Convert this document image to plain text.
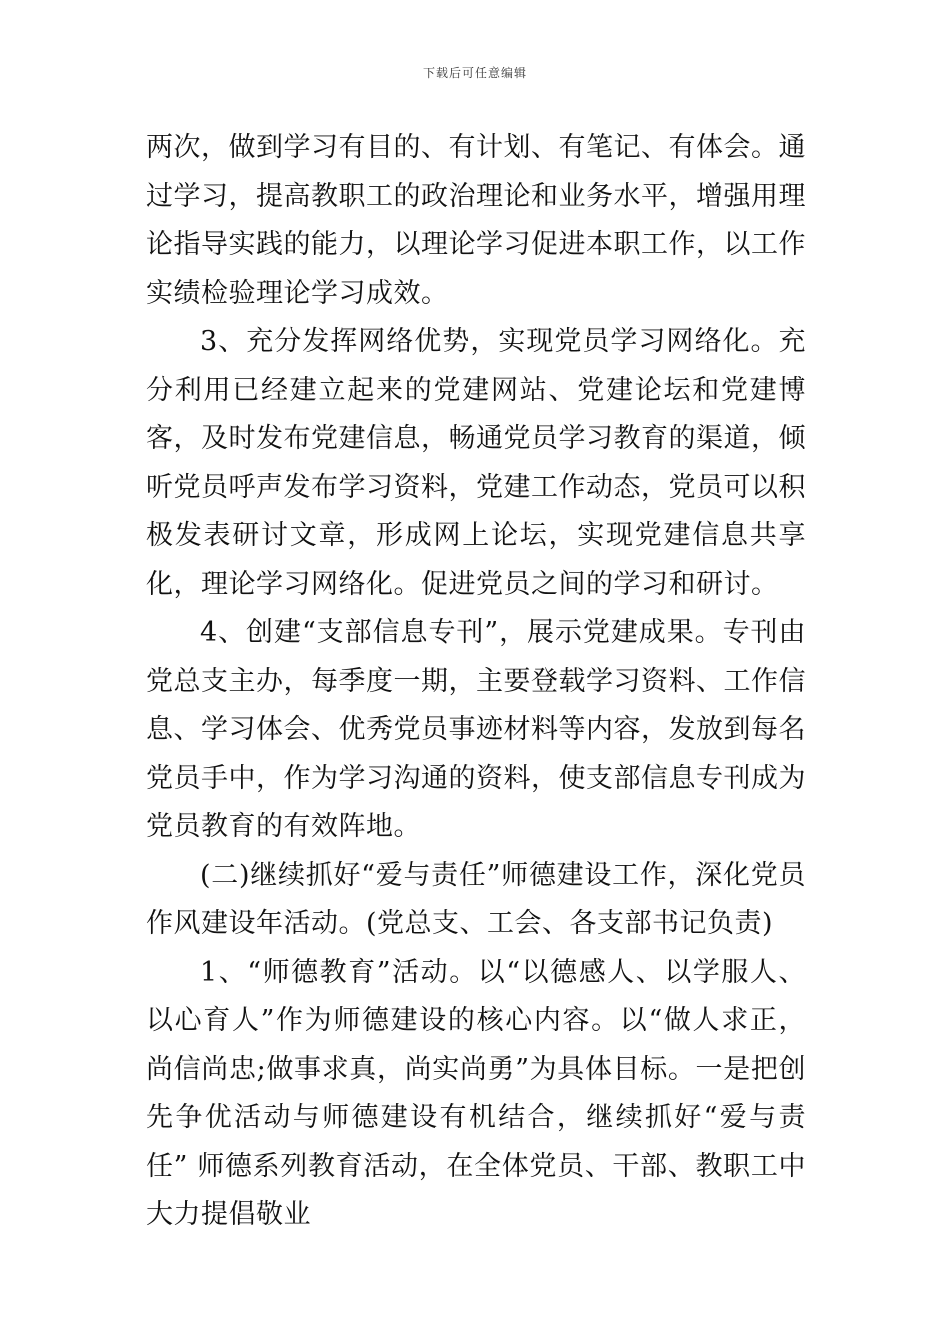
下载后可任意编辑

两次，做到学习有目的、有计划、有笔记、有体会。通过学习，提高教职工的政治理论和业务水平，增强用理论指导实践的能力，以理论学习促进本职工作，以工作实绩检验理论学习成效。

3、充分发挥网络优势，实现党员学习网络化。充分利用已经建立起来的党建网站、党建论坛和党建博客，及时发布党建信息，畅通党员学习教育的渠道，倾听党员呼声发布学习资料，党建工作动态，党员可以积极发表研讨文章，形成网上论坛，实现党建信息共享化，理论学习网络化。促进党员之间的学习和研讨。

4、创建“支部信息专刊”，展示党建成果。专刊由党总支主办，每季度一期，主要登载学习资料、工作信息、学习体会、优秀党员事迹材料等内容，发放到每名党员手中，作为学习沟通的资料，使支部信息专刊成为党员教育的有效阵地。

(二)继续抓好“爱与责任”师德建设工作，深化党员作风建设年活动。(党总支、工会、各支部书记负责)

1、“师德教育”活动。以“以德感人、以学服人、以心育人”作为师德建设的核心内容。以“做人求正，尚信尚忠;做事求真，尚实尚勇”为具体目标。一是把创先争优活动与师德建设有机结合，继续抓好“爱与责任” 师德系列教育活动，在全体党员、干部、教职工中大力提倡敬业
